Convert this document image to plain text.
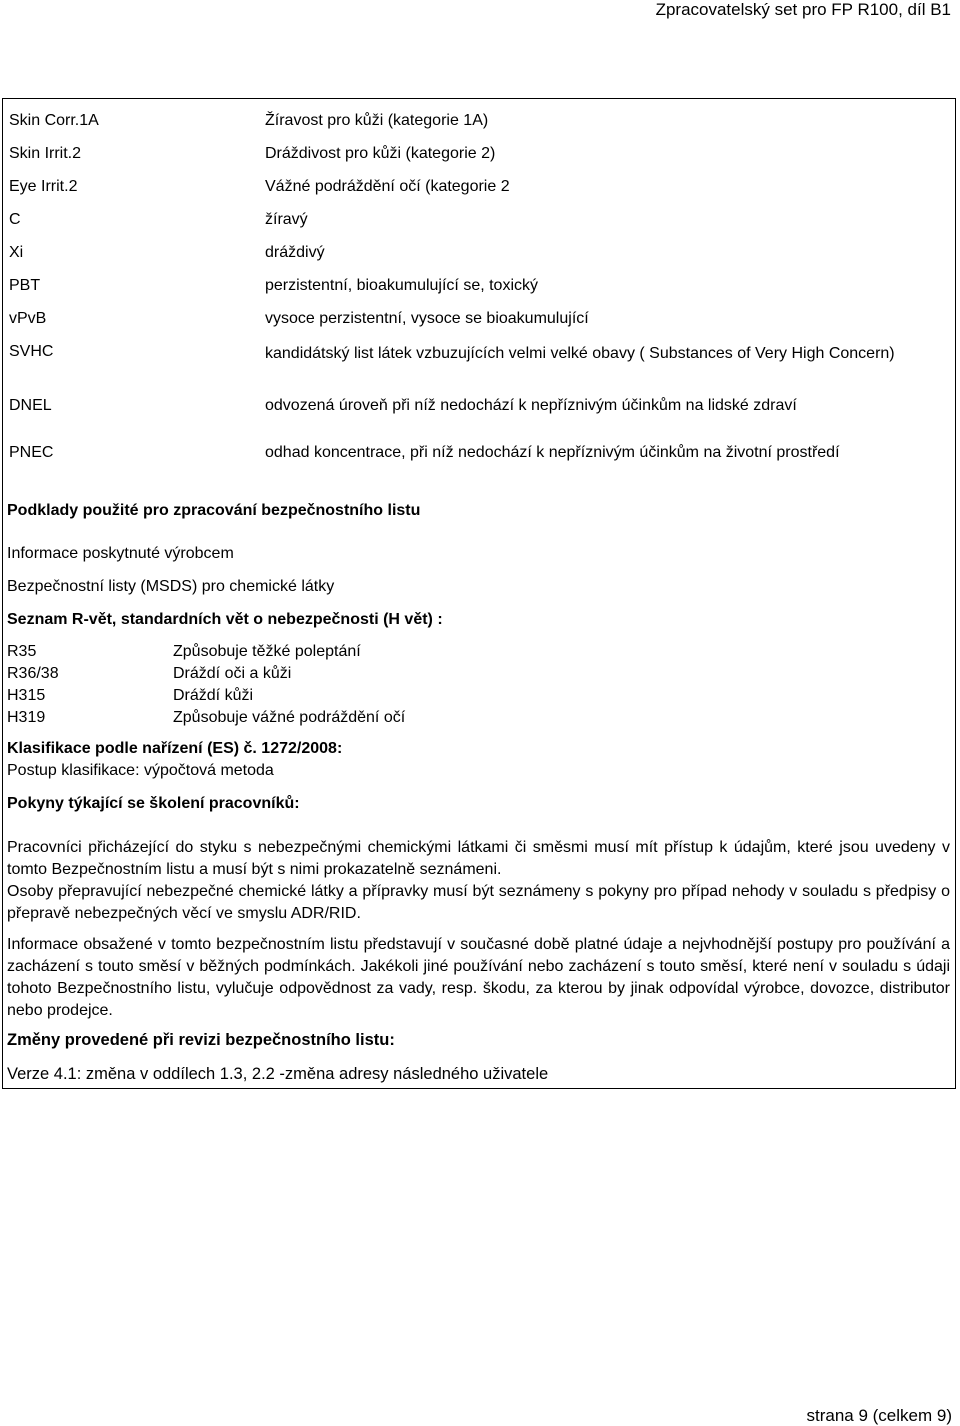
Zpracovatelský set pro FP R100, díl B1
Skin Corr.1A	Žíravost pro kůži (kategorie 1A)
Skin Irrit.2	Dráždivost pro kůži (kategorie 2)
Eye Irrit.2	Vážné podráždění očí (kategorie 2
C	žíravý
Xi	dráždivý
PBT	perzistentní, bioakumulující se, toxický
vPvB	vysoce perzistentní, vysoce se bioakumulující
SVHC	kandidátský list látek vzbuzujících velmi velké obavy ( Substances of Very High Concern)
DNEL	odvozená úroveň při níž nedochází k nepříznivým účinkům na lidské zdraví
PNEC	odhad koncentrace, při níž nedochází k nepříznivým účinkům na životní prostředí
Podklady použité pro zpracování bezpečnostního listu
Informace poskytnuté výrobcem
Bezpečnostní listy (MSDS) pro chemické látky
Seznam R-vět, standardních vět o nebezpečnosti (H vět) :
R35	Způsobuje těžké poleptání
R36/38	Dráždí oči a kůži
H315	Dráždí kůži
H319	Způsobuje vážné podráždění očí
Klasifikace podle nařízení (ES) č. 1272/2008:
Postup klasifikace: výpočtová metoda
Pokyny týkající se školení pracovníků:
Pracovníci přicházející do styku s nebezpečnými chemickými látkami či směsmi musí mít přístup k údajům, které jsou uvedeny v tomto Bezpečnostním listu a musí být s nimi prokazatelně seznámeni.
Osoby přepravující nebezpečné chemické látky a přípravky musí být seznámeny s pokyny pro případ nehody v souladu s předpisy o přepravě nebezpečných věcí ve smyslu ADR/RID.
Informace obsažené v tomto bezpečnostním listu představují v současné době platné údaje a nejvhodnější postupy pro používání a zacházení s touto směsí v běžných podmínkách. Jakékoli jiné používání nebo zacházení s touto směsí, které není v souladu s údaji tohoto Bezpečnostního listu, vylučuje odpovědnost za vady, resp. škodu, za kterou by jinak odpovídal výrobce, dovozce, distributor nebo prodejce.
Změny provedené při revizi bezpečnostního listu:
Verze 4.1: změna v oddílech 1.3, 2.2 -změna adresy následného uživatele
strana 9 (celkem 9)
